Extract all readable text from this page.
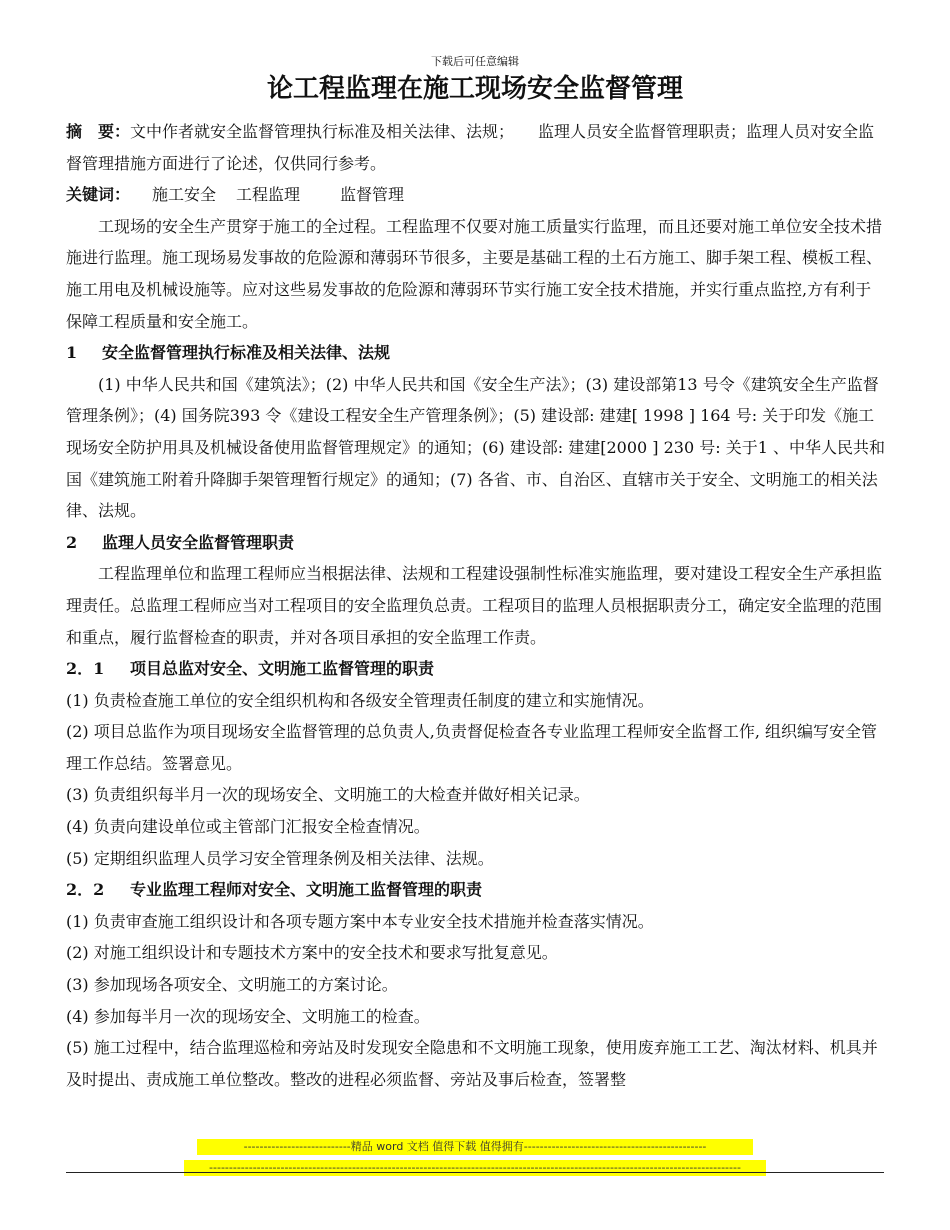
下载后可任意编辑
论工程监理在施工现场安全监督管理

摘　要：文中作者就安全监督管理执行标准及相关法律、法规；　　监理人员安全监督管理职责；监理人员对安全监督管理措施方面进行了论述，仅供同行参考。

关键词： 施工安全 工程监理	监督管理

工现场的安全生产贯穿于施工的全过程。工程监理不仅要对施工质量实行监理，而且还要对施工单位安全技术措施进行监理。施工现场易发事故的危险源和薄弱环节很多，主要是基础工程的土石方施工、脚手架工程、模板工程、施工用电及机械设施等。应对这些易发事故的危险源和薄弱环节实行施工安全技术措施，并实行重点监控,方有利于保障工程质量和安全施工。

1 安全监督管理执行标准及相关法律、法规

(1) 中华人民共和国《建筑法》；(2) 中华人民共和国《安全生产法》；(3) 建设部第13 号令《建筑安全生产监督管理条例》；(4) 国务院393 令《建设工程安全生产管理条例》；(5) 建设部: 建建[ 1998 ] 164 号: 关于印发《施工现场安全防护用具及机械设备使用监督管理规定》的通知；(6) 建设部: 建建[2000 ] 230 号: 关于1 、中华人民共和国《建筑施工附着升降脚手架管理暂行规定》的通知；(7) 各省、市、自治区、直辖市关于安全、文明施工的相关法律、法规。

2 监理人员安全监督管理职责

工程监理单位和监理工程师应当根据法律、法规和工程建设强制性标准实施监理，要对建设工程安全生产承担监理责任。总监理工程师应当对工程项目的安全监理负总责。工程项目的监理人员根据职责分工，确定安全监理的范围和重点，履行监督检查的职责，并对各项目承担的安全监理工作责。

2．1 项目总监对安全、文明施工监督管理的职责

(1) 负责检查施工单位的安全组织机构和各级安全管理责任制度的建立和实施情况。

(2) 项目总监作为项目现场安全监督管理的总负责人,负责督促检查各专业监理工程师安全监督工作, 组织编写安全管理工作总结。签署意见。

(3) 负责组织每半月一次的现场安全、文明施工的大检查并做好相关记录。

(4) 负责向建设单位或主管部门汇报安全检查情况。

(5) 定期组织监理人员学习安全管理条例及相关法律、法规。

2．2 专业监理工程师对安全、文明施工监督管理的职责

(1) 负责审查施工组织设计和各项专题方案中本专业安全技术措施并检查落实情况。

(2) 对施工组织设计和专题技术方案中的安全技术和要求写批复意见。

(3) 参加现场各项安全、文明施工的方案讨论。

(4) 参加每半月一次的现场安全、文明施工的检查。

(5) 施工过程中，结合监理巡检和旁站及时发现安全隐患和不文明施工现象，使用废弃施工工艺、淘汰材料、机具并及时提出、责成施工单位整改。整改的进程必须监督、旁站及事后检查，签署整

---------------------------精品 word 文档 值得下载 值得拥有----------------------------------------------
--------------------------------------------------------------------------------------------------------------------------------------
